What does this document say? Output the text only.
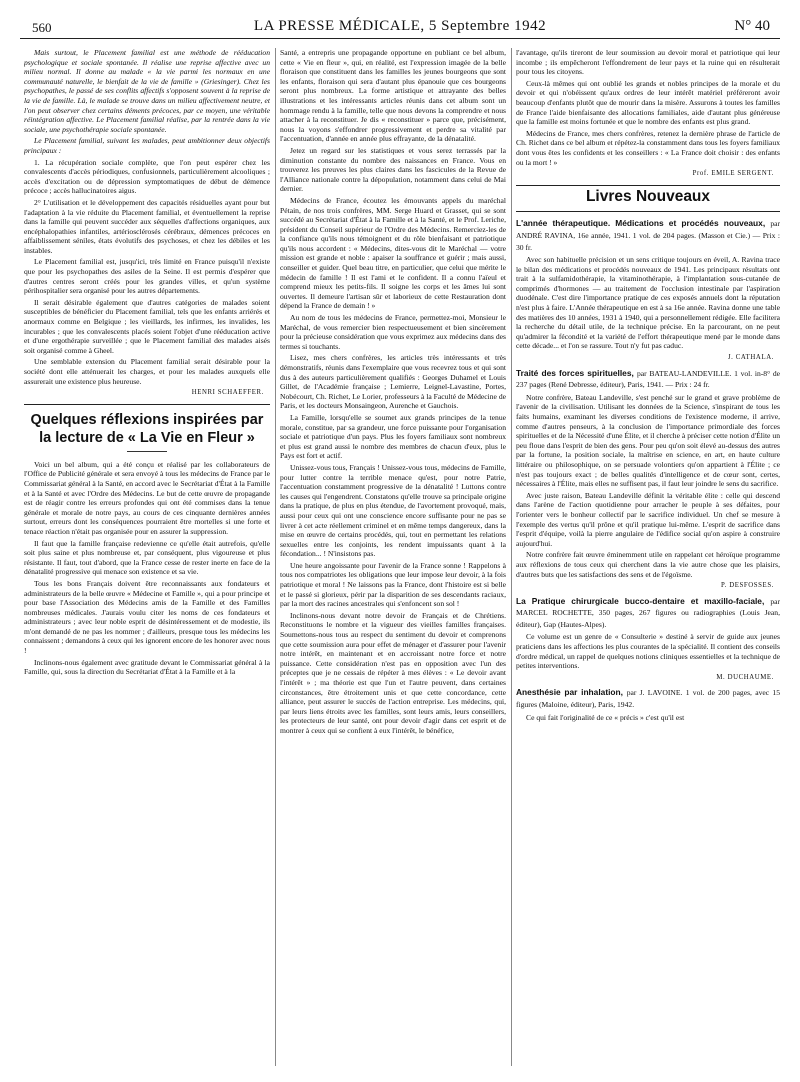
560	LA PRESSE MÉDICALE, 5 Septembre 1942	N° 40

Mais surtout, le Placement familial est une méthode de rééducation psychologique et sociale spontanée. Il réalise une reprise affective avec un milieu normal. Il donne au malade « la vie parmi les normaux en une communauté naturelle, le bienfait de la vie de famille » (Griesinger). Chez les psychopathes, le passé de ses conflits affectifs s'opposent souvent à la reprise de la vie de famille. Là, le malade se trouve dans un milieu affectivement neutre, et l'on peut observer chez certains déments précoces, par ce moyen, une véritable réintégration affective. Le Placement familial réalise, par la rentrée dans la vie sociale, une psychothérapie sociale spontanée.

Le Placement familial, suivant les malades, peut ambitionner deux objectifs principaux :

1. La récupération sociale complète, que l'on peut espérer chez les convalescents d'accès périodiques, confusionnels, particulièrement alcooliques ; accès d'excitation ou de dépression symptomatiques de début de démence précoce ; accès hallucinatoires aigus.

2° L'utilisation et le développement des capacités résiduelles ayant pour but l'adaptation à la vie réduite du Placement familial, et éventuellement la reprise dans la famille qui peuvent succéder aux séquelles d'affections organiques, aux encéphalopathies infantiles, artériosclérosés cérébraux, démences précoces en affaiblissement séniles, états évolutifs des psychoses, et chez les débiles et les instables.

Le Placement familial est, jusqu'ici, très limité en France puisqu'il n'existe que pour les psychopathes des asiles de la Seine. Il est permis d'espérer que d'autres centres seront créés pour les grandes villes, et qu'un système périhospitalier sera organisé pour les autres départements.

Il serait désirable également que d'autres catégories de malades soient susceptibles de bénéficier du Placement familial, tels que les enfants arriérés et anormaux comme en Belgique ; les vieillards, les infirmes, les invalides, les incurables ; que les convalescents placés soient l'objet d'une rééducation active et d'une ergothérapie surveillée ; que le Placement familial des malades aisés soit organisé comme à Gheel.

Une semblable extension du Placement familial serait désirable pour la société dont elle atténuerait les charges, et pour les malades auxquels elle assurerait une existence plus heureuse.

HENRI SCHAEFFER.

Quelques réflexions inspirées par la lecture de « La Vie en Fleur »

Voici un bel album, qui a été conçu et réalisé par les collaborateurs de l'Office de Publicité générale et sera envoyé à tous les médecins de France par le Commissariat général à la Santé, en accord avec le Secrétariat d'État à la Famille et à la Santé et avec l'Ordre des Médecins. Le but de cette œuvre de propagande est de réagir contre les erreurs profondes qui ont été commises dans la tenue générale et morale de notre pays, au cours de ces cinquante dernières années surtout, erreurs dont les conséquences pourraient être mortelles si une forte et tenace réaction n'était pas organisée pour en assurer la suppression.

Il faut que la famille française redevienne ce qu'elle était autrefois, qu'elle soit plus saine et plus nombreuse et, par conséquent, plus vigoureuse et plus résistante. Il faut, tout d'abord, que la France cesse de rester inerte en face de la dénatalité progressive qui menace son existence et sa vie.

Tous les bons Français doivent être reconnaissants aux fondateurs et administrateurs de la belle œuvre « Médecine et Famille », qui a pour principe et pour base l'Association des Médecins amis de la Famille et des Familles nombreuses médicales. J'aurais voulu citer les noms de ces fondateurs et administrateurs ; avec leur noble esprit de désintéressement et de modestie, ils m'ont demandé de ne pas les nommer ; d'ailleurs, presque tous les médecins les connaissent ; demandons à ceux qui les ignorent encore de les honorer avec nous !

Inclinons-nous également avec gratitude devant le Commissariat général à la Famille, qui, sous la direction du Secrétariat d'État à la Famille et à la

Santé, a entrepris une propagande opportune en publiant ce bel album, cette « Vie en fleur », qui, en réalité, est l'expression imagée de la belle floraison que constituent dans les familles les jeunes bourgeons que sont les enfants, floraison qui sera d'autant plus épanouie que ces bourgeons seront plus nombreux. La forme artistique et attrayante des belles illustrations et les intéressants articles réunis dans cet album sont un hommage rendu à la famille, telle que nous devons la comprendre et nous attacher à la reconstituer. Je dis « reconstituer » parce que, précisément, nous la voyons s'effondrer progressivement et perdre sa vitalité par l'accentuation, d'année en année plus effrayante, de la dénatalité.

Jetez un regard sur les statistiques et vous serez terrassés par la diminution constante du nombre des naissances en France. Vous en trouverez les preuves les plus claires dans les fascicules de la Revue de l'Alliance nationale contre la dépopulation, notamment dans celui de Mai dernier.

Médecins de France, écoutez les émouvants appels du maréchal Pétain, de nos trois confrères, MM. Serge Huard et Grasset, qui se sont succédé au Secrétariat d'État à la Famille et à la Santé, et le Prof. Leriche, président du Conseil supérieur de l'Ordre des Médecins. Remerciez-les de la confiance qu'ils nous témoignent et du rôle bienfaisant et patriotique qu'ils nous accordent : « Médecins, dites-vous dit le Maréchal — votre mission est grande et noble : apaiser la souffrance et guérir ; mais aussi, conseiller et guider. Quel beau titre, en particulier, que celui que mérite le médecin de famille ! Il est l'ami et le confident. Il a connu l'aïeul et comprend mieux les petits-fils. Il soigne les corps et les âmes lui sont ouvertes. Il demeure l'artisan sûr et laborieux de cette Restauration dont dépend la France de demain ! »

Au nom de tous les médecins de France, permettez-moi, Monsieur le Maréchal, de vous remercier bien respectueusement et bien sincèrement pour la précieuse considération que vous exprimez aux médecins dans des termes si touchants.

Lisez, mes chers confrères, les articles très intéressants et très démonstratifs, réunis dans l'exemplaire que vous recevrez tous et qui sont dus à des auteurs particulièrement qualifiés : Georges Duhamel et Louis Gillet, de l'Académie française ; Lemierre, Leignel-Lavastine, Portes, Nobécourt, Ch. Richet, Le Lorier, professeurs à la Faculté de Médecine de Paris, et les docteurs Monsaingeon, Aurenche et Gauchois.

La Famille, lorsqu'elle se soumet aux grands principes de la tenue morale, constitue, par sa grandeur, une force puissante pour l'organisation sociale et patriotique d'un pays. Plus les foyers familiaux sont nombreux et plus est grand aussi le nombre des membres de chacun d'eux, plus le Pays est fort et actif.

Unissez-vous tous, Français ! Unissez-vous tous, médecins de Famille, pour lutter contre la terrible menace qu'est, pour notre Patrie, l'accentuation constamment progressive de la dénatalité ! Luttons contre les causes qui l'engendrent. Constatons qu'elle trouve sa principale origine dans la pratique, de plus en plus étendue, de l'avortement provoqué, mais, aussi pour ceux qui ont une conscience encore suffisante pour ne pas se livrer à cet acte réellement criminel et en même temps dangereux, dans la mise en œuvre de certains procédés, qui, tout en permettant les relations sexuelles entre les conjoints, les rendent impuissants quant à la fécondation... ! N'insistons pas.

Une heure angoissante pour l'avenir de la France sonne ! Rappelons à tous nos compatriotes les obligations que leur impose leur devoir, à la fois patriotique et moral ! Ne laissons pas la France, dont l'histoire est si belle et le passé si glorieux, périr par la disparition de ses descendants raciaux, par la mort des racines ancestrales qui s'enfoncent son sol !

Inclinons-nous devant notre devoir de Français et de Chrétiens. Reconstituons le nombre et la vigueur des vieilles familles françaises. Soumettons-nous tous au respect du sentiment du devoir et comprenons que cette soumission aura pour effet de ménager et d'assurer pour l'avenir notre intérêt, en maintenant et en accroissant notre force et notre puissance. Cette considération n'est pas en opposition avec l'un des préceptes que je ne cessais de répéter à mes élèves : « Le devoir avant l'intérêt » ; ma théorie est que l'un et l'autre peuvent, dans certaines circonstances, être étroitement unis et que cette concordance, cette alliance, peut assurer le succès de l'action entreprise. Les médecins, qui, par leurs liens étroits avec les familles, sont leurs amis, leurs conseillers, les protecteurs de leur santé, ont pour devoir d'agir dans cet esprit et de montrer à ceux qui se confient à eux l'intérêt, le bénéfice,

l'avantage, qu'ils tireront de leur soumission au devoir moral et patriotique qui leur incombe ; ils empêcheront l'effondrement de leur pays et la ruine qui en résulterait pour tous les citoyens.

Ceux-là mêmes qui ont oublié les grands et nobles principes de la morale et du devoir et qui n'obéissent qu'aux ordres de leur intérêt matériel préféreront avoir beaucoup d'enfants plutôt que de mourir dans la misère. Assurons à toutes les familles de France l'aide bienfaisante des allocations familiales, aide d'autant plus généreuse que la famille est moins fortunée et que le nombre des enfants est plus grand.

Médecins de France, mes chers confrères, retenez la dernière phrase de l'article de Ch. Richet dans ce bel album et répétez-la constamment dans tous les foyers familiaux dont vous êtes les confidents et les conseillers : « La France doit choisir : des enfants ou la mort ! »

Prof. EMILE SERGENT.

Livres Nouveaux

L'année thérapeutique. Médications et procédés nouveaux, par ANDRÉ RAVINA, 16e année, 1941. 1 vol. de 204 pages. (Masson et Cie.) — Prix : 30 fr.

Avec son habituelle précision et un sens critique toujours en éveil, A. Ravina trace le bilan des médications et procédés nouveaux de 1941. Les principaux résultats ont trait à la sulfamidothérapie, la vitaminothérapie, à l'implantation sous-cutanée de comprimés d'hormones — au traitement de l'occlusion intestinale par l'aspiration duodénale. C'est dire l'importance pratique de ces exposés annuels dont la réputation n'est plus à faire. L'Année thérapeutique en est à sa 16e année. Ravina donne une table des matières des 10 années, 1931 à 1940, qui a personnellement rédigée. Elle facilitera la recherche du détail utile, de la technique précise. En la parcourant, on ne peut qu'admirer la fécondité et la variété de l'effort thérapeutique mené par le monde dans cette décade... et l'on se rassure. Tout n'y fut pas caduc.

J. CATHALA.

Traité des forces spirituelles, par BATEAU-LANDEVILLE. 1 vol. in-8° de 237 pages (René Debresse, éditeur), Paris, 1941. — Prix : 24 fr.

Notre confrère, Bateau Landeville, s'est penché sur le grand et grave problème de l'avenir de la civilisation. Utilisant les données de la Science, s'inspirant de tous les faits humains, examinant les diverses conditions de l'existence moderne, il arrive, comme d'autres penseurs, à la conclusion de l'importance primordiale des forces spirituelles et de la Nécessité d'une Élite, et il cherche à préciser cette notion d'Élite un peu floue dans l'esprit de bien des gens. Pour peu qu'on soit élevé au-dessus des autres par la fortune, la position sociale, la maîtrise en science, en art, en haute culture littéraire ou philosophique, on se persuade volontiers qu'on appartient à l'Élite ; ce n'est pas toujours exact ; de belles qualités d'intelligence et de cœur sont, certes, nécessaires à l'Élite, mais elles ne suffisent pas, il faut leur joindre le sens du sacrifice.

Avec juste raison, Bateau Landeville définit la véritable élite : celle qui descend dans l'arène de l'action quotidienne pour arracher le peuple à ses défaites, pour l'orienter vers le bonheur collectif par le sacrifice individuel. Un chef se mesure à l'exemple des vertus qu'il prône et qu'il pratique lui-même. L'esprit de sacrifice dans l'esprit d'équipe, voilà la pierre angulaire de l'édifice social qu'on aspire à construire aujourd'hui.

Notre confrère fait œuvre éminemment utile en rappelant cet héroïque programme aux réflexions de tous ceux qui cherchent dans la vie autre chose que les plaisirs, d'autres buts que les satisfactions des sens et de l'égoïsme.

P. DESFOSSES.

La Pratique chirurgicale bucco-dentaire et maxillo-faciale, par MARCEL ROCHETTE, 350 pages, 267 figures ou radiographies (Louis Jean, éditeur), Gap (Hautes-Alpes).

Ce volume est un genre de « Consulterie » destiné à servir de guide aux jeunes praticiens dans les affections les plus courantes de la spécialité. Il contient des conseils d'ordre médical, un rappel de quelques notions cliniques essentielles et la technique de petites interventions.

M. DUCHAUME.

Anesthésie par inhalation, par J. LAVOINE. 1 vol. de 200 pages, avec 15 figures (Maloine, éditeur), Paris, 1942.

Ce qui fait l'originalité de ce « précis » c'est qu'il est
